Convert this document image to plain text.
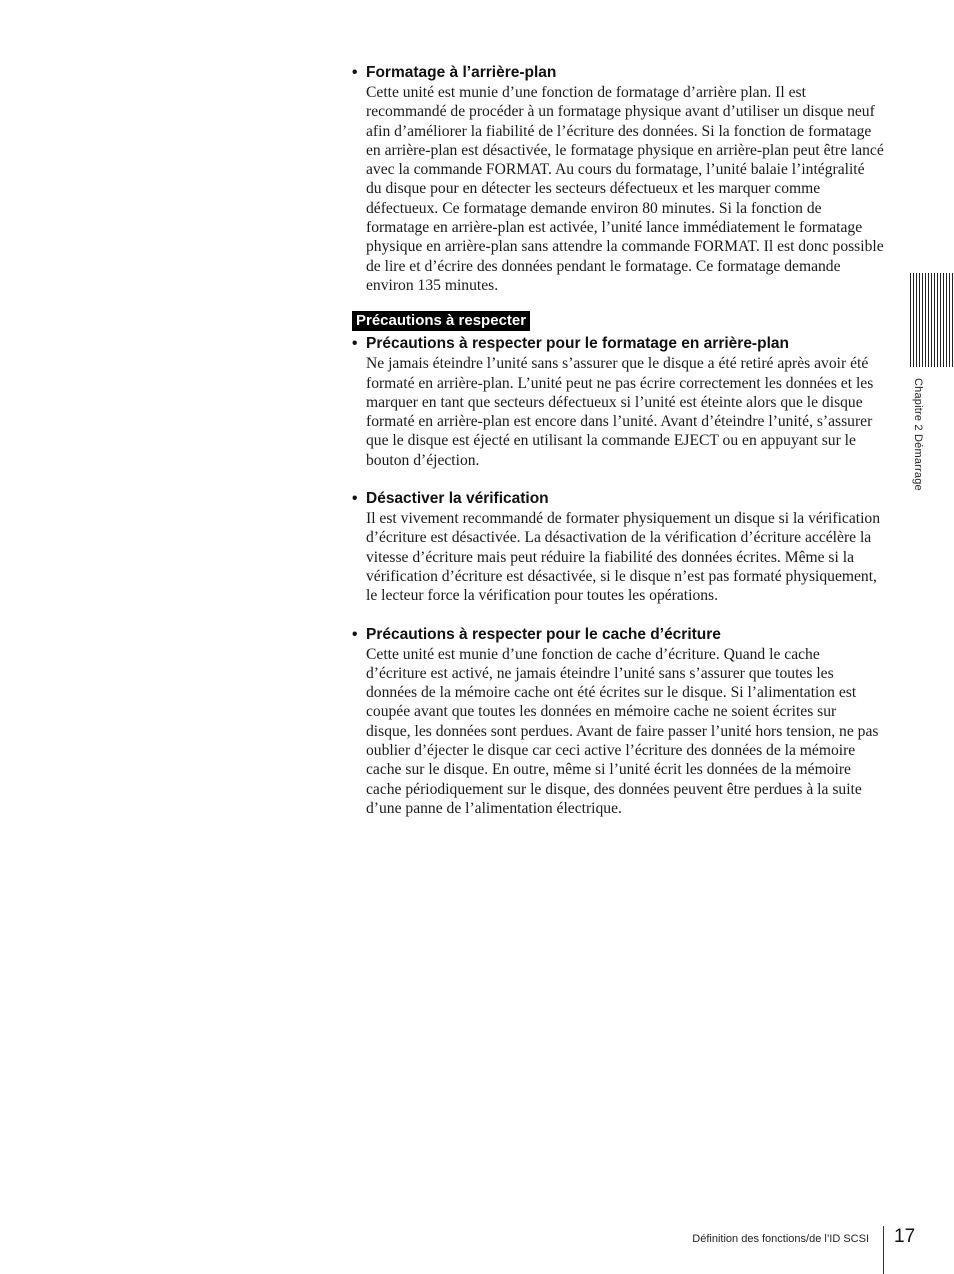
• Formatage à l’arrière-plan

Cette unité est munie d’une fonction de formatage d’arrière plan. Il est recommandé de procéder à un formatage physique avant d’utiliser un disque neuf afin d’améliorer la fiabilité de l’écriture des données. Si la fonction de formatage en arrière-plan est désactivée, le formatage physique en arrière-plan peut être lancé avec la commande FORMAT. Au cours du formatage, l’unité balaie l’intégralité du disque pour en détecter les secteurs défectueux et les marquer comme défectueux. Ce formatage demande environ 80 minutes. Si la fonction de formatage en arrière-plan est activée, l’unité lance immédiatement le formatage physique en arrière-plan sans attendre la commande FORMAT. Il est donc possible de lire et d’écrire des données pendant le formatage. Ce formatage demande environ 135 minutes.

Précautions à respecter
• Précautions à respecter pour le formatage en arrière-plan

Ne jamais éteindre l’unité sans s’assurer que le disque a été retiré après avoir été formaté en arrière-plan. L’unité peut ne pas écrire correctement les données et les marquer en tant que secteurs défectueux si l’unité est éteinte alors que le disque formaté en arrière-plan est encore dans l’unité. Avant d’éteindre l’unité, s’assurer que le disque est éjecté en utilisant la commande EJECT ou en appuyant sur le bouton d’éjection.

• Désactiver la vérification

Il est vivement recommandé de formater physiquement un disque si la vérification d’écriture est désactivée. La désactivation de la vérification d’écriture accélère la vitesse d’écriture mais peut réduire la fiabilité des données écrites. Même si la vérification d’écriture est désactivée, si le disque n’est pas formaté physiquement, le lecteur force la vérification pour toutes les opérations.

• Précautions à respecter pour le cache d’écriture

Cette unité est munie d’une fonction de cache d’écriture. Quand le cache d’écriture est activé, ne jamais éteindre l’unité sans s’assurer que toutes les données de la mémoire cache ont été écrites sur le disque. Si l’alimentation est coupée avant que toutes les données en mémoire cache ne soient écrites sur disque, les données sont perdues. Avant de faire passer l’unité hors tension, ne pas oublier d’éjecter le disque car ceci active l’écriture des données de la mémoire cache sur le disque. En outre, même si l’unité écrit les données de la mémoire cache périodiquement sur le disque, des données peuvent être perdues à la suite d’une panne de l’alimentation électrique.

Chapitre 2 Démarrage
Définition des fonctions/de l’ID SCSI 17
